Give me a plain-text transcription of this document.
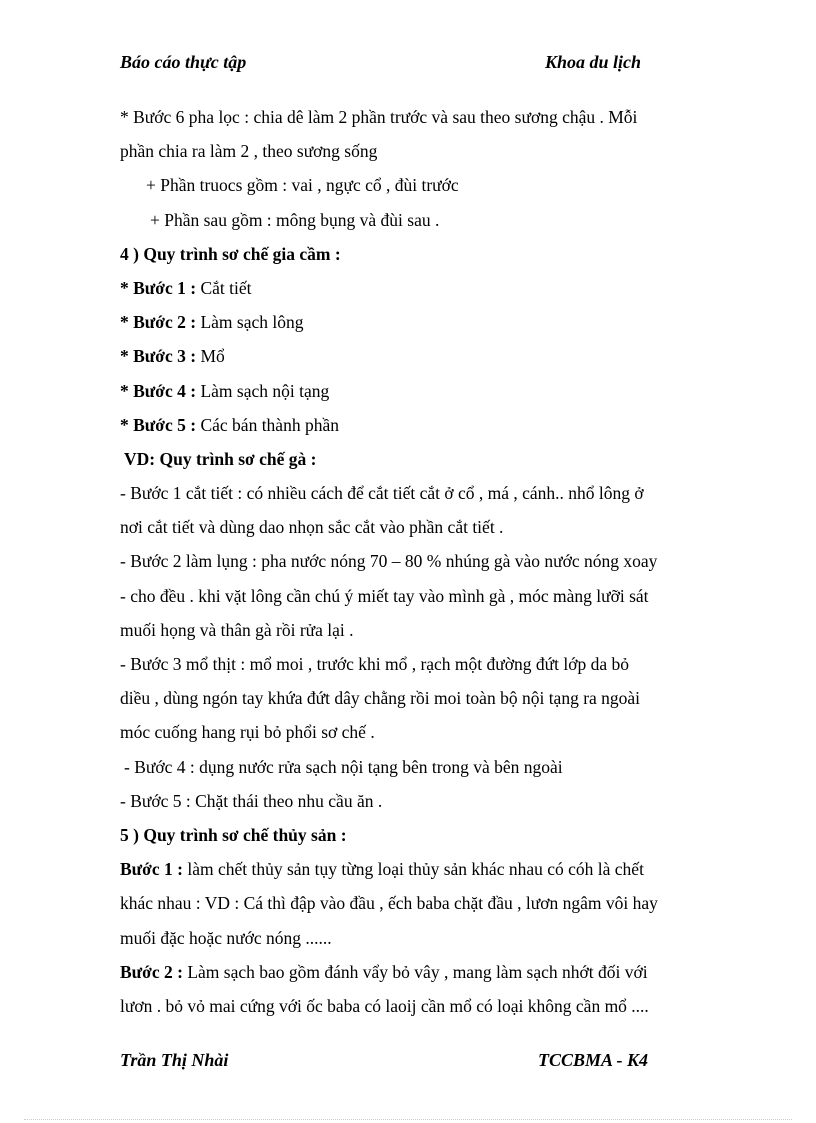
Báo cáo thực tập	Khoa du lịch
* Bước 6 pha lọc : chia dê làm 2 phần trước và sau theo sương chậu . Mỗi
phần chia ra làm 2 , theo sương sống
+ Phần truocs gồm : vai , ngực cổ , đùi trước
+ Phần sau gồm : mông bụng và đùi sau .
4 ) Quy trình sơ chế gia cầm :
* Bước 1 : Cắt tiết
* Bước 2 : Làm sạch lông
* Bước 3 : Mổ
* Bước 4 : Làm sạch nội tạng
* Bước 5 : Các bán thành phần
VD: Quy trình sơ chế gà :
- Bước 1 cắt tiết : có nhiều cách để cắt tiết cắt ở cổ , má , cánh.. nhổ lông ở
nơi cắt tiết và dùng dao nhọn sắc cắt vào phần cắt tiết .
- Bước 2 làm lụng : pha nước nóng 70 – 80 % nhúng gà vào nước nóng xoay
- cho đều . khi vặt lông cần chú ý miết tay vào mình gà , móc màng lưỡi sát
muối họng và thân gà rồi rửa lại .
- Bước 3 mổ thịt : mổ moi , trước khi mổ , rạch một đường đứt lớp da bỏ
diều , dùng ngón tay khứa đứt dây chằng rồi moi toàn bộ nội tạng ra ngoài
móc cuống hang rụi bỏ phổi sơ chế .
- Bước 4 : dụng nước rửa sạch nội tạng bên trong và bên ngoài
- Bước 5 : Chặt thái theo nhu cầu ăn .
5 ) Quy trình sơ chế thủy sản :
Bước 1 : làm chết thủy sản tụy từng loại thủy sản khác nhau có cóh là chết
khác nhau : VD : Cá thì đập vào đầu , ếch baba chặt đầu , lươn ngâm vôi hay
muối đặc hoặc nước nóng ......
Bước 2 : Làm sạch bao gồm đánh vẩy bỏ vây , mang làm sạch nhớt đối với
lươn . bỏ vỏ mai cứng với ốc baba có laoij cần mổ có loại không cần mổ ....
Trần Thị Nhài	TCCBMA - K4
